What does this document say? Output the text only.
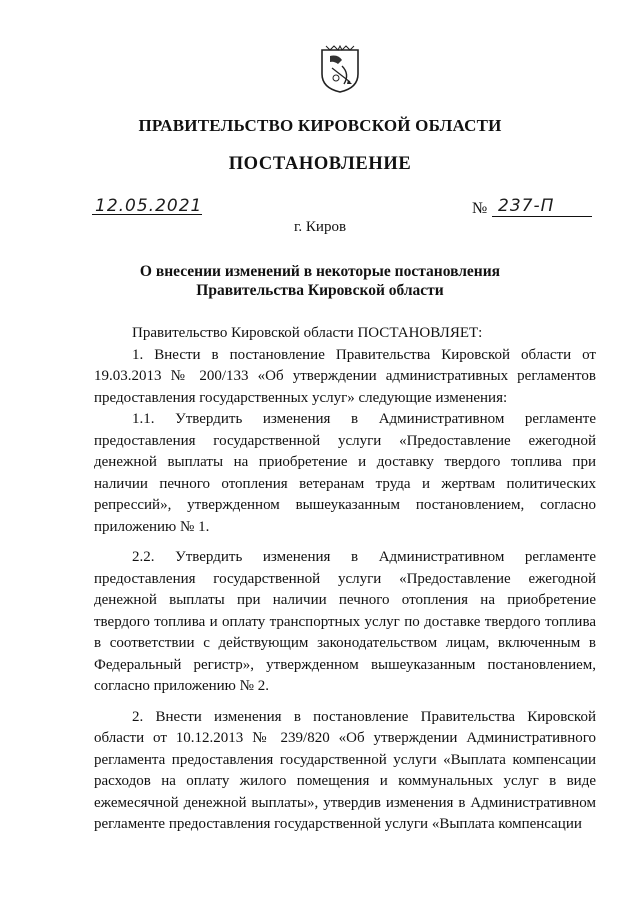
ПРАВИТЕЛЬСТВО КИРОВСКОЙ ОБЛАСТИ
ПОСТАНОВЛЕНИЕ
12.05.2021	№ 237-П
г. Киров
О внесении изменений в некоторые постановления
Правительства Кировской области

Правительство Кировской области ПОСТАНОВЛЯЕТ:

1. Внести в постановление Правительства Кировской области от 19.03.2013 № 200/133 «Об утверждении административных регламентов предоставления государственных услуг» следующие изменения:

1.1. Утвердить изменения в Административном регламенте предоставления государственной услуги «Предоставление ежегодной денежной выплаты на приобретение и доставку твердого топлива при наличии печного отопления ветеранам труда и жертвам политических репрессий», утвержденном вышеуказанным постановлением, согласно приложению № 1.

2.2. Утвердить изменения в Административном регламенте предоставления государственной услуги «Предоставление ежегодной денежной выплаты при наличии печного отопления на приобретение твердого топлива и оплату транспортных услуг по доставке твердого топлива в соответствии с действующим законодательством лицам, включенным в Федеральный регистр», утвержденном вышеуказанным постановлением, согласно приложению № 2.

2. Внести изменения в постановление Правительства Кировской области от 10.12.2013 № 239/820 «Об утверждении Административного регламента предоставления государственной услуги «Выплата компенсации расходов на оплату жилого помещения и коммунальных услуг в виде ежемесячной денежной выплаты», утвердив изменения в Административном регламенте предоставления государственной услуги «Выплата компенсации
